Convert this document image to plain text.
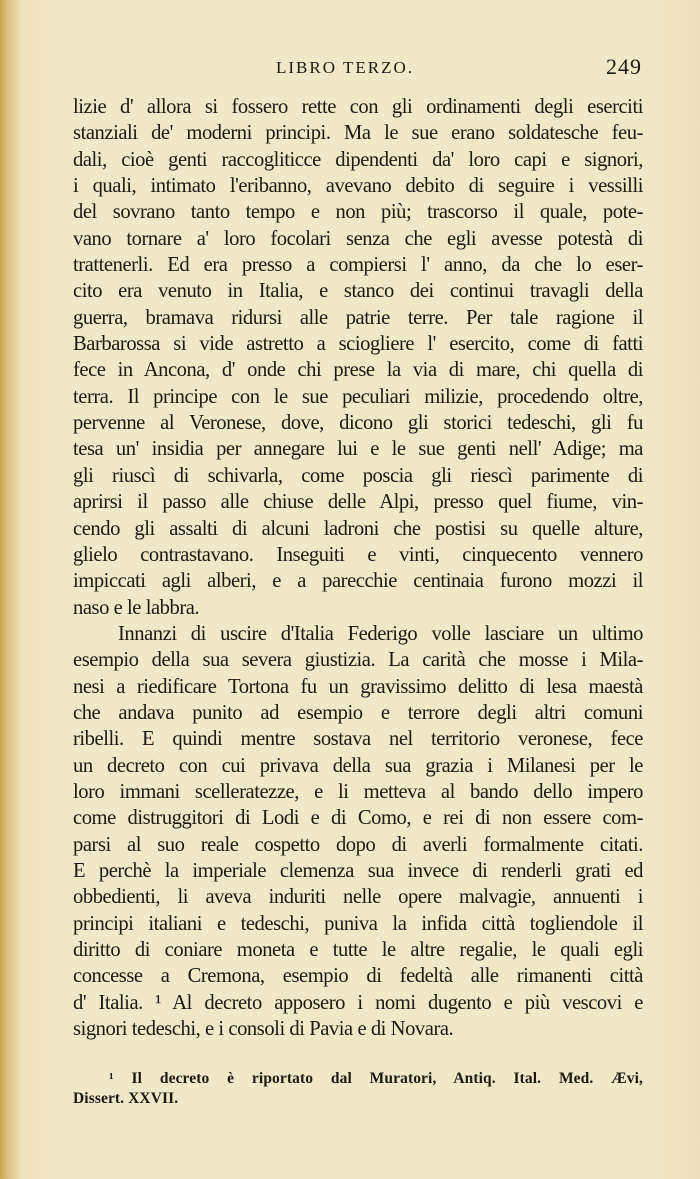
LIBRO TERZO.	249
lizie d' allora si fossero rette con gli ordinamenti degli eserciti
stanziali de' moderni principi. Ma le sue erano soldatesche feu-
dali, cioè genti raccogliticce dipendenti da' loro capi e signori,
i quali, intimato l'eribanno, avevano debito di seguire i vessilli
del sovrano tanto tempo e non più; trascorso il quale, pote-
vano tornare a' loro focolari senza che egli avesse potestà di
trattenerli. Ed era presso a compiersi l' anno, da che lo eser-
cito era venuto in Italia, e stanco dei continui travagli della
guerra, bramava ridursi alle patrie terre. Per tale ragione il
Barbarossa si vide astretto a sciogliere l' esercito, come di fatti
fece in Ancona, d' onde chi prese la via di mare, chi quella di
terra. Il principe con le sue peculiari milizie, procedendo oltre,
pervenne al Veronese, dove, dicono gli storici tedeschi, gli fu
tesa un' insidia per annegare lui e le sue genti nell' Adige; ma
gli riuscì di schivarla, come poscia gli riescì parimente di
aprirsi il passo alle chiuse delle Alpi, presso quel fiume, vin-
cendo gli assalti di alcuni ladroni che postisi su quelle alture,
glielo contrastavano. Inseguiti e vinti, cinquecento vennero
impiccati agli alberi, e a parecchie centinaia furono mozzi il
naso e le labbra.
Innanzi di uscire d'Italia Federigo volle lasciare un ultimo
esempio della sua severa giustizia. La carità che mosse i Mila-
nesi a riedificare Tortona fu un gravissimo delitto di lesa maestà
che andava punito ad esempio e terrore degli altri comuni
ribelli. E quindi mentre sostava nel territorio veronese, fece
un decreto con cui privava della sua grazia i Milanesi per le
loro immani scelleratezze, e li metteva al bando dello impero
come distruggitori di Lodi e di Como, e rei di non essere com-
parsi al suo reale cospetto dopo di averli formalmente citati.
E perchè la imperiale clemenza sua invece di renderli grati ed
obbedienti, li aveva induriti nelle opere malvagie, annuenti i
principi italiani e tedeschi, puniva la infida città togliendole il
diritto di coniare moneta e tutte le altre regalie, le quali egli
concesse a Cremona, esempio di fedeltà alle rimanenti città
d' Italia. ¹ Al decreto apposero i nomi dugento e più vescovi e
signori tedeschi, e i consoli di Pavia e di Novara.
¹ Il decreto è riportato dal Muratori, Antiq. Ital. Med. Ævi,
Dissert. XXVII.
